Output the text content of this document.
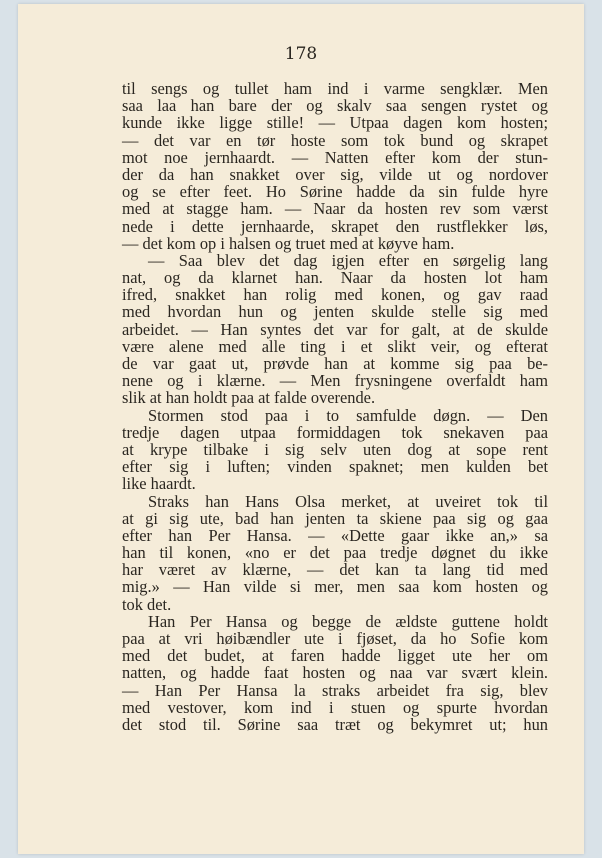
178
til sengs og tullet ham ind i varme sengklær. Men
saa laa han bare der og skalv saa sengen rystet og
kunde ikke ligge stille! — Utpaa dagen kom hosten;
— det var en tør hoste som tok bund og skrapet
mot noe jernhaardt. — Natten efter kom der stun-
der da han snakket over sig, vilde ut og nordover
og se efter feet. Ho Sørine hadde da sin fulde hyre
med at stagge ham. — Naar da hosten rev som værst
nede i dette jernhaarde, skrapet den rustflekker løs,
— det kom op i halsen og truet med at køyve ham.
— Saa blev det dag igjen efter en sørgelig lang
nat, og da klarnet han. Naar da hosten lot ham
ifred, snakket han rolig med konen, og gav raad
med hvordan hun og jenten skulde stelle sig med
arbeidet. — Han syntes det var for galt, at de skulde
være alene med alle ting i et slikt veir, og efterat
de var gaat ut, prøvde han at komme sig paa be-
nene og i klærne. — Men frysningene overfaldt ham
slik at han holdt paa at falde overende.
Stormen stod paa i to samfulde døgn. — Den
tredje dagen utpaa formiddagen tok snekaven paa
at krype tilbake i sig selv uten dog at sope rent
efter sig i luften; vinden spaknet; men kulden bet
like haardt.
Straks han Hans Olsa merket, at uveiret tok til
at gi sig ute, bad han jenten ta skiene paa sig og gaa
efter han Per Hansa. — «Dette gaar ikke an,» sa
han til konen, «no er det paa tredje døgnet du ikke
har været av klærne, — det kan ta lang tid med
mig.» — Han vilde si mer, men saa kom hosten og
tok det.
Han Per Hansa og begge de ældste guttene holdt
paa at vri høibændler ute i fjøset, da ho Sofie kom
med det budet, at faren hadde ligget ute her om
natten, og hadde faat hosten og naa var svært klein.
— Han Per Hansa la straks arbeidet fra sig, blev
med vestover, kom ind i stuen og spurte hvordan
det stod til. Sørine saa træt og bekymret ut; hun
